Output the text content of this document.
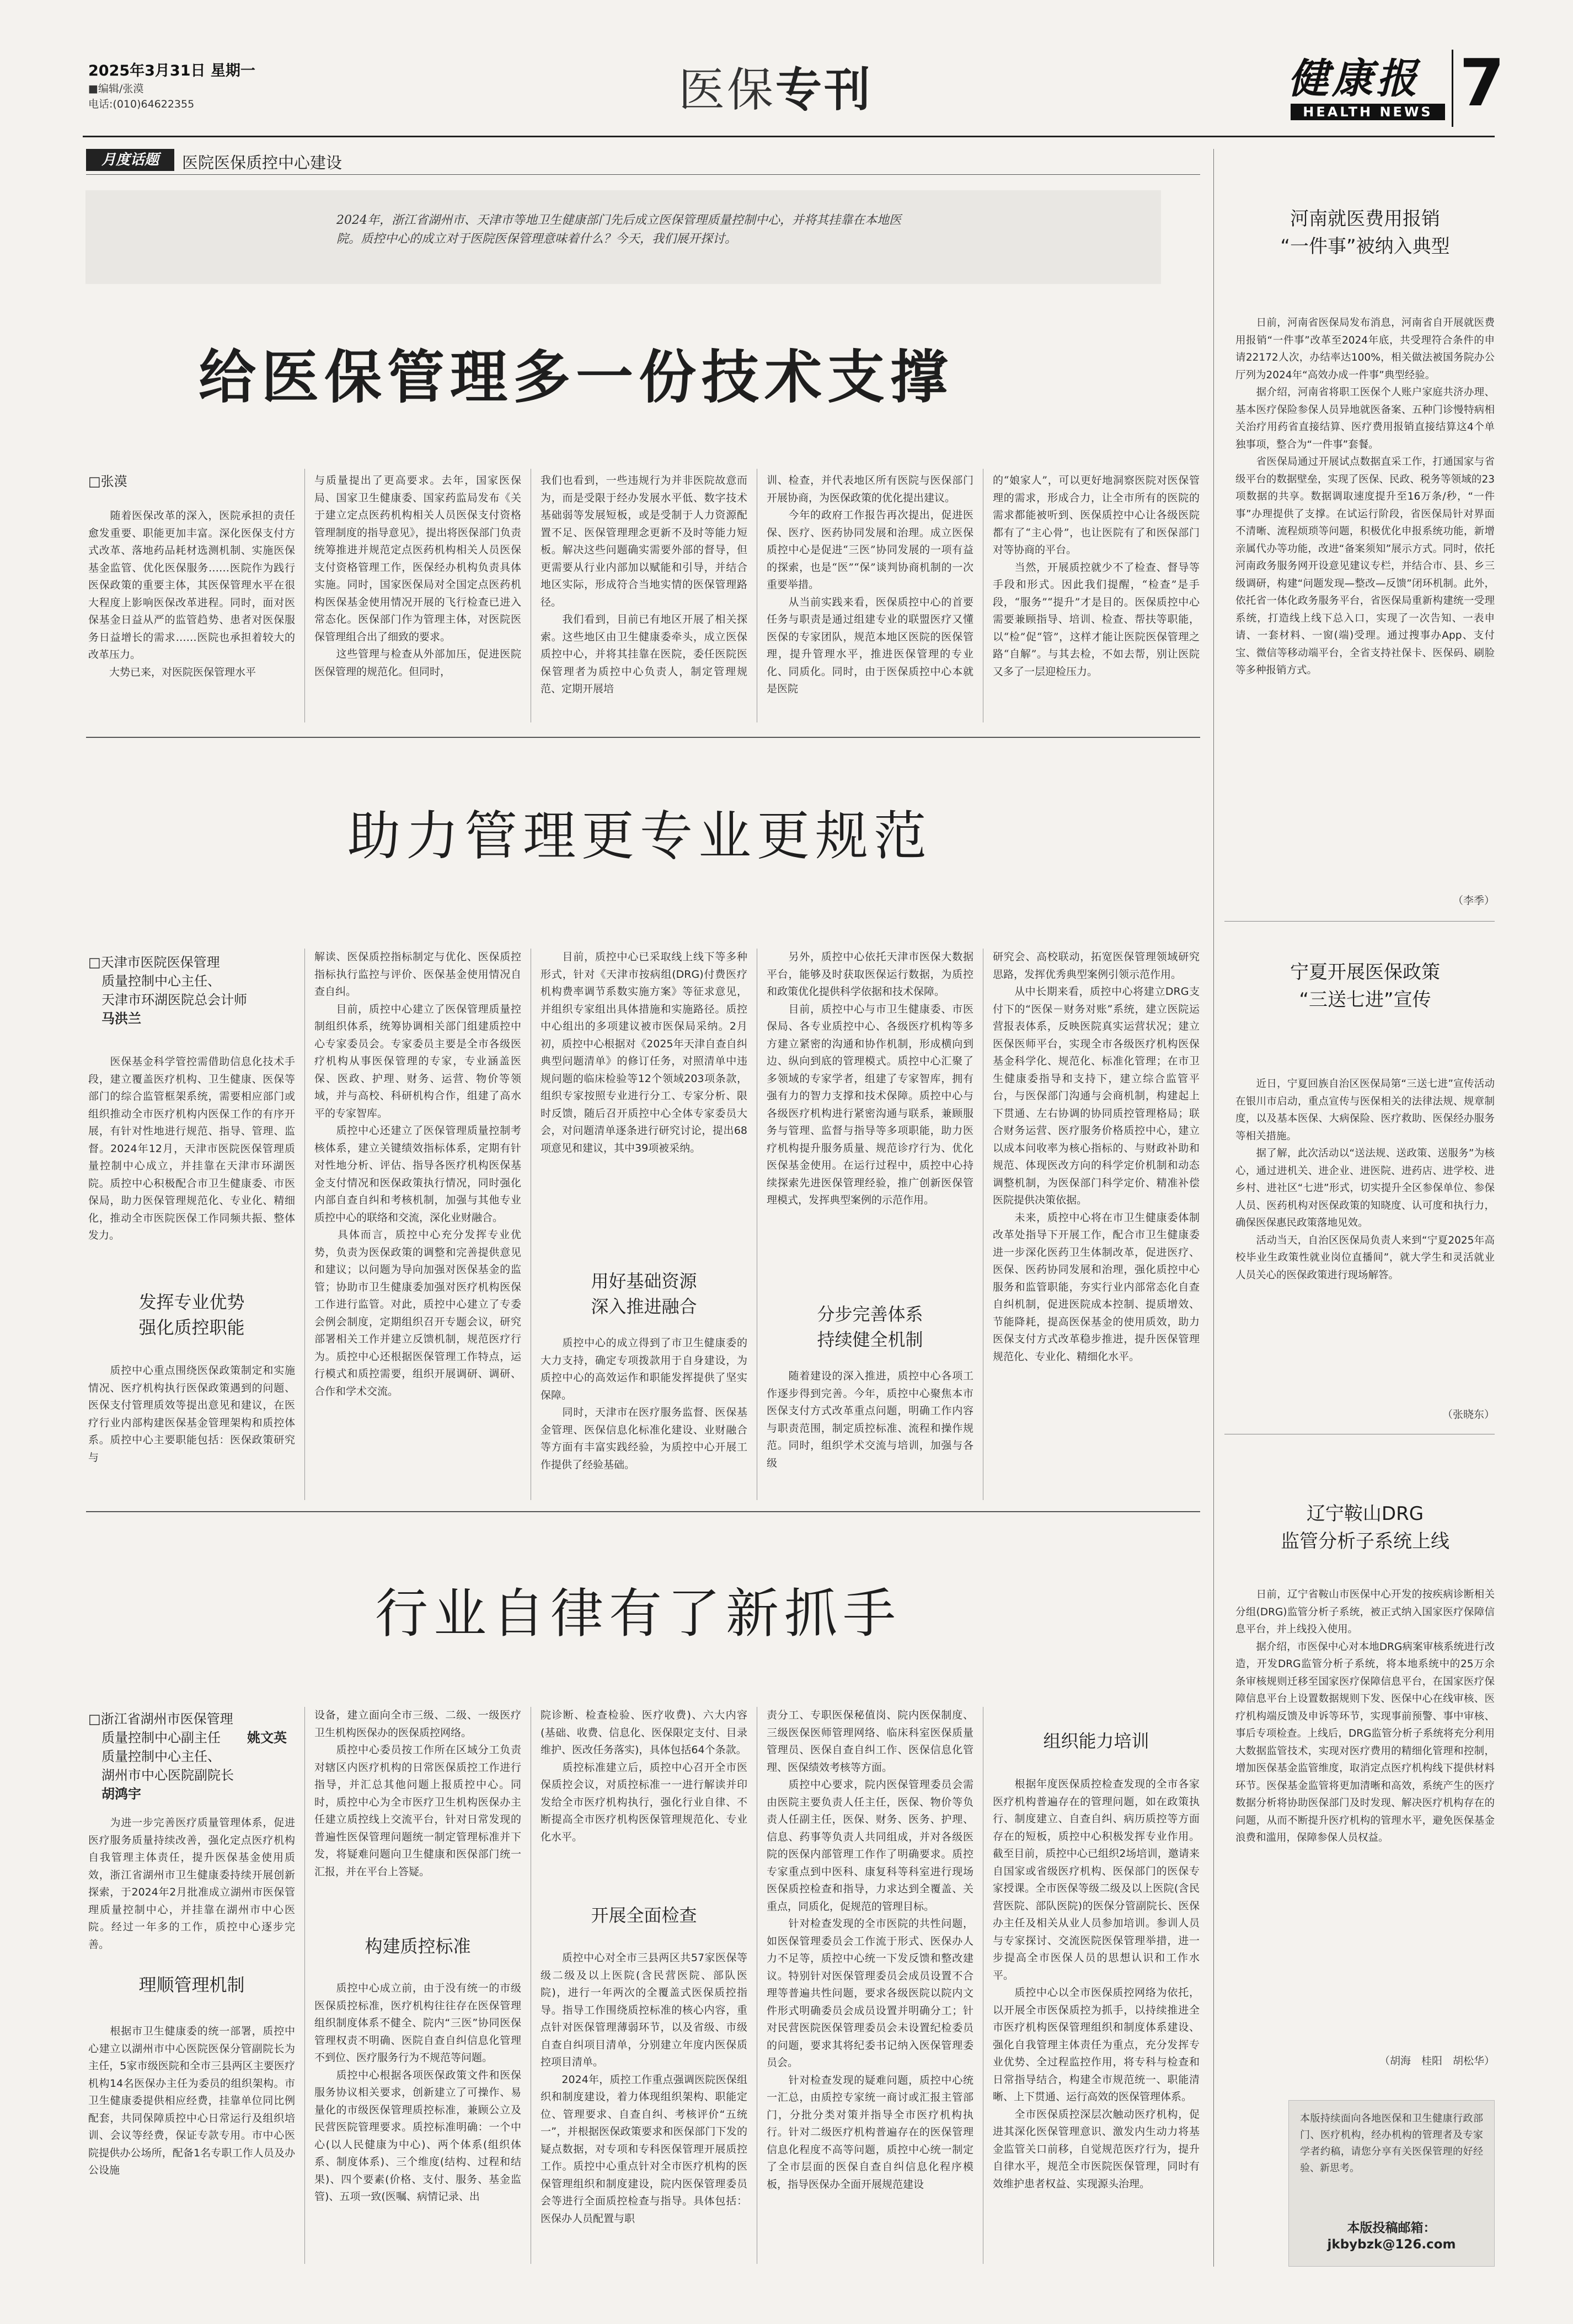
2025年3月31日 星期一
■编辑/张漠
电话:(010)64622355	医保专刊	健康报
HEALTH NEWS 7
月度话题	医院医保质控中心建设
2024年，浙江省湖州市、天津市等地卫生健康部门先后成立医保管理质量控制中心，并将其挂靠在本地医院。质控中心的成立对于医院医保管理意味着什么？今天，我们展开探讨。
给医保管理多一份技术支撑
□张漠
　　随着医保改革的深入，医院承担的责任愈发重要、职能更加丰富。深化医保支付方式改革、落地药品耗材选测机制、实施医保基金监管、优化医保服务……医院作为践行医保政策的重要主体，其医保管理水平在很大程度上影响医保改革进程。同时，面对医保基金日益从严的监管趋势、患者对医保服务日益增长的需求……医院也承担着较大的改革压力。
　　大势已来，对医院医保管理水平
与质量提出了更高要求。去年，国家医保局、国家卫生健康委、国家药监局发布《关于建立定点医药机构相关人员医保支付资格管理制度的指导意见》，提出将医保部门负责统筹推进并规范定点医药机构相关人员医保支付资格管理工作，医保经办机构负责具体实施。同时，国家医保局对全国定点医药机构医保基金使用情况开展的飞行检查已进入常态化。医保部门作为管理主体，对医院医保管理组合出了细致的要求。
　　这些管理与检查从外部加压，促进医院医保管理的规范化。但同时，
我们也看到，一些违规行为并非医院故意而为，而是受限于经办发展水平低、数字技术基础弱等发展短板，或是受制于人力资源配置不足、医保管理理念更新不及时等能力短板。解决这些问题确实需要外部的督导，但更需要从行业内部加以赋能和引导，并结合地区实际，形成符合当地实情的医保管理路径。
　　我们看到，目前已有地区开展了相关探索。这些地区由卫生健康委牵头，成立医保质控中心，并将其挂靠在医院，委任医院医保管理者为质控中心负责人，制定管理规范、定期开展培
训、检查，并代表地区所有医院与医保部门开展协商，为医保政策的优化提出建议。
　　今年的政府工作报告再次提出，促进医保、医疗、医药协同发展和治理。成立医保质控中心是促进“三医”协同发展的一项有益的探索，也是“医”“保”谈判协商机制的一次重要举措。
　　从当前实践来看，医保质控中心的首要任务与职责是通过组建专业的联盟医疗又懂医保的专家团队，规范本地区医院的医保管理，提升管理水平，推进医保管理的专业化、同质化。同时，由于医保质控中心本就是医院
的“娘家人”，可以更好地洞察医院对医保管理的需求，形成合力，让全市所有的医院的需求都能被听到、医保质控中心让各级医院都有了“主心骨”，也让医院有了和医保部门对等协商的平台。
　　当然，开展质控就少不了检查、督导等手段和形式。因此我们提醒，“检查”是手段，“服务”“提升”才是目的。医保质控中心需要兼顾指导、培训、检查、帮扶等职能，以“检”促“管”，这样才能让医院医保管理之路“自解”。与其去检，不如去帮，别让医院又多了一层迎检压力。
助力管理更专业更规范
□天津市医院医保管理
　质量控制中心主任、
　天津市环湖医院总会计师
　马洪兰
　　医保基金科学管控需借助信息化技术手段，建立覆盖医疗机构、卫生健康、医保等部门的综合监管框架系统，需要相应部门或组织推动全市医疗机构内医保工作的有序开展，有针对性地进行规范、指导、管理、监督。2024年12月，天津市医院医保管理质量控制中心成立，并挂靠在天津市环湖医院。质控中心积极配合市卫生健康委、市医保局，助力医保管理规范化、专业化、精细化，推动全市医院医保工作同频共振、整体发力。
发挥专业优势
强化质控职能
　　质控中心重点围绕医保政策制定和实施情况、医疗机构执行医保政策遇到的问题、医保支付管理质效等提出意见和建议，在医疗行业内部构建医保基金管理架构和质控体系。质控中心主要职能包括：医保政策研究与
解读、医保质控指标制定与优化、医保质控指标执行监控与评价、医保基金使用情况自查自纠。
　　目前，质控中心建立了医保管理质量控制组织体系，统筹协调相关部门组建质控中心专家委员会。专家委员主要是全市各级医疗机构从事医保管理的专家，专业涵盖医保、医政、护理、财务、运营、物价等领域，并与高校、科研机构合作，组建了高水平的专家智库。
　　质控中心还建立了医保管理质量控制考核体系，建立关键绩效指标体系，定期有针对性地分析、评估、指导各医疗机构医保基金支付情况和医保政策执行情况，同时强化内部自查自纠和考核机制，加强与其他专业质控中心的联络和交流，深化业财融合。
　　具体而言，质控中心充分发挥专业优势，负责为医保政策的调整和完善提供意见和建议；以问题为导向加强对医保基金的监管；协助市卫生健康委加强对医疗机构医保工作进行监管。对此，质控中心建立了专委会例会制度，定期组织召开专题会议，研究部署相关工作并建立反馈机制，规范医疗行为。质控中心还根据医保管理工作特点，运行模式和质控需要，组织开展调研、调研、合作和学术交流。
　　目前，质控中心已采取线上线下等多种形式，针对《天津市按病组(DRG)付费医疗机构费率调节系数实施方案》等征求意见，并组织专家组出具体措施和实施路径。质控中心组出的多项建议被市医保局采纳。2月初，质控中心根据对《2025年天津自查自纠典型问题清单》的修订任务，对照清单中违规问题的临床检验等12个领域203项条款，组织专家按照专业进行分工、专家分析、限时反馈，随后召开质控中心全体专家委员大会，对问题清单逐条进行研究讨论，提出68项意见和建议，其中39项被采纳。
用好基础资源
深入推进融合
　　质控中心的成立得到了市卫生健康委的大力支持，确定专项拨款用于自身建设，为质控中心的高效运作和职能发挥提供了坚实保障。
　　同时，天津市在医疗服务监督、医保基金管理、医保信息化标准化建设、业财融合等方面有丰富实践经验，为质控中心开展工作提供了经验基础。
　　另外，质控中心依托天津市医保大数据平台，能够及时获取医保运行数据，为质控和政策优化提供科学依据和技术保障。
　　目前，质控中心与市卫生健康委、市医保局、各专业质控中心、各级医疗机构等多方建立紧密的沟通和协作机制，形成横向到边、纵向到底的管理模式。质控中心汇聚了多领域的专家学者，组建了专家智库，拥有强有力的智力支撑和技术保障。质控中心与各级医疗机构进行紧密沟通与联系，兼顾服务与管理、监督与指导等多项职能，助力医疗机构提升服务质量、规范诊疗行为、优化医保基金使用。在运行过程中，质控中心持续探索先进医保管理经验，推广创新医保管理模式，发挥典型案例的示范作用。
分步完善体系
持续健全机制
　　随着建设的深入推进，质控中心各项工作逐步得到完善。今年，质控中心聚焦本市医保支付方式改革重点问题，明确工作内容与职责范围，制定质控标准、流程和操作规范。同时，组织学术交流与培训，加强与各级
研究会、高校联动，拓宽医保管理领域研究思路，发挥优秀典型案例引领示范作用。
　　从中长期来看，质控中心将建立DRG支付下的“医保－财务对账”系统，建立医院运营报表体系，反映医院真实运营状况；建立医保医师平台，实现全市各级医疗机构医保基金科学化、规范化、标准化管理；在市卫生健康委指导和支持下，建立综合监管平台，与医保部门沟通与会商机制，构建起上下贯通、左右协调的协同质控管理格局；联合财务运营、医疗服务价格质控中心，建立以成本问收率为核心指标的、与财政补助和规范、体现医改方向的科学定价机制和动态调整机制，为医保部门科学定价、精准补偿医院提供决策依据。
　　未来，质控中心将在市卫生健康委体制改革处指导下开展工作，配合市卫生健康委进一步深化医药卫生体制改革，促进医疗、医保、医药协同发展和治理，强化质控中心服务和监管职能，夯实行业内部常态化自查自纠机制，促进医院成本控制、提质增效、节能降耗，提高医保基金的使用质效，助力医保支付方式改革稳步推进，提升医保管理规范化、专业化、精细化水平。
行业自律有了新抓手
□浙江省湖州市医保管理
　质量控制中心副主任
　质量控制中心主任、
　湖州市中心医院副院长
　胡鸿宇
姚文英
　　为进一步完善医疗质量管理体系，促进医疗服务质量持续改善，强化定点医疗机构自我管理主体责任，提升医保基金使用质效，浙江省湖州市卫生健康委持续开展创新探索，于2024年2月批准成立湖州市医保管理质量控制中心，并挂靠在湖州市中心医院。经过一年多的工作，质控中心逐步完善。
理顺管理机制
　　根据市卫生健康委的统一部署，质控中心建立以湖州市中心医院医保分管副院长为主任，5家市级医院和全市三县两区主要医疗机构14名医保办主任为委员的组织架构。市卫生健康委提供相应经费，挂靠单位同比例配套，共同保障质控中心日常运行及组织培训、会议等经费，保证专款专用。市中心医院提供办公场所，配备1名专职工作人员及办公设施
设备，建立面向全市三级、二级、一级医疗卫生机构医保办的医保质控网络。
　　质控中心委员按工作所在区域分工负责对辖区内医疗机构的日常医保质控工作进行指导，并汇总其他问题上报质控中心。同时，质控中心为全市医疗卫生机构医保办主任建立质控线上交流平台，针对日常发现的普遍性医保管理问题统一制定管理标准并下发，将疑难问题向卫生健康和医保部门统一汇报，并在平台上答疑。
构建质控标准
　　质控中心成立前，由于没有统一的市级医保质控标准，医疗机构往往存在医保管理组织制度体系不健全、院内“三医”协同医保管理权责不明确、医院自查自纠信息化管理不到位、医疗服务行为不规范等问题。
　　质控中心根据各项医保政策文件和医保服务协议相关要求，创新建立了可操作、易量化的市级医保管理质控标准，兼顾公立及民营医院管理要求。质控标准明确：一个中心(以人民健康为中心)、两个体系(组织体系、制度体系)、三个维度(结构、过程和结果)、四个要素(价格、支付、服务、基金监管)、五项一致(医嘱、病情记录、出
院诊断、检查检验、医疗收费)、六大内容(基础、收费、信息化、医保限定支付、目录维护、医改任务落实)，具体包括64个条款。
　　质控标准建立后，质控中心召开全市医保质控会议，对质控标准一一进行解读并印发给全市医疗机构执行，强化行业自律、不断提高全市医疗机构医保管理规范化、专业化水平。
开展全面检查
　　质控中心对全市三县两区共57家医保等级二级及以上医院(含民营医院、部队医院)，进行一年两次的全覆盖式医保质控指导。指导工作围绕质控标准的核心内容，重点针对医保管理薄弱环节，以及省级、市级自查自纠项目清单，分别建立年度内医保质控项目清单。
　　2024年，质控工作重点强调医院医保组织和制度建设，着力体现组织架构、职能定位、管理要求、自查自纠、考核评价“五统一”，并根据医保政策要求和医保部门下发的疑点数据，对专项和专科医保管理开展质控工作。质控中心重点针对全市医疗机构的医保管理组织和制度建设，院内医保管理委员会等进行全面质控检查与指导。具体包括：医保办人员配置与职
责分工、专职医保秘值岗、院内医保制度、三级医保医师管理网络、临床科室医保质量管理员、医保自查自纠工作、医保信息化管理、医保绩效考核等方面。
　　质控中心要求，院内医保管理委员会需由医院主要负责人任主任，医保、物价等负责人任副主任，医保、财务、医务、护理、信息、药事等负责人共同组成，并对各级医院的医保内部管理工作作了明确要求。质控专家重点到中医科、康复科等科室进行现场医保质控检查和指导，力求达到全覆盖、关重点，同质化，促规范的管理目标。
　　针对检查发现的全市医院的共性问题，如医保管理委员会工作流于形式、医保办人力不足等，质控中心统一下发反馈和整改建议。特别针对医保管理委员会成员设置不合理等普遍共性问题，要求各级医院以院内文件形式明确委员会成员设置并明确分工；针对民营医院医保管理委员会未设置纪检委员的问题，要求其将纪委书记纳入医保管理委员会。
　　针对检查发现的疑难问题，质控中心统一汇总，由质控专家统一商讨或汇报主管部门，分批分类对策并指导全市医疗机构执行。针对二级医疗机构普遍存在的医保管理信息化程度不高等问题，质控中心统一制定了全市层面的医保自查自纠信息化程序模板，指导医保办全面开展规范建设
组织能力培训
　　根据年度医保质控检查发现的全市各家医疗机构普遍存在的管理问题，如在政策执行、制度建立、自查自纠、病历质控等方面存在的短板，质控中心积极发挥专业作用。截至目前，质控中心已组织2场培训，邀请来自国家或省级医疗机构、医保部门的医保专家授课。全市医保等级二级及以上医院(含民营医院、部队医院)的医保分管副院长、医保办主任及相关从业人员参加培训。参训人员与专家探讨、交流医院医保管理举措，进一步提高全市医保人员的思想认识和工作水平。
　　质控中心以全市医保质控网络为依托，以开展全市医保质控为抓手，以持续推进全市医疗机构医保管理组织和制度体系建设、强化自我管理主体责任为重点，充分发挥专业优势、全过程监控作用，将专科与检查和日常指导结合，构建全市规范统一、职能清晰、上下贯通、运行高效的医保管理体系。
　　全市医保质控深层次触动医疗机构，促进其深化医保管理意识、激发内生动力将基金监管关口前移，自觉规范医疗行为，提升自律水平，规范全市医院医保管理，同时有效维护患者权益、实现源头治理。
河南就医费用报销
“一件事”被纳入典型
　　日前，河南省医保局发布消息，河南省自开展就医费用报销“一件事”改革至2024年底，共受理符合条件的申请22172人次，办结率达100%，相关做法被国务院办公厅列为2024年“高效办成一件事”典型经验。
　　据介绍，河南省将职工医保个人账户家庭共济办理、基本医疗保险参保人员异地就医备案、五种门诊慢特病相关治疗用药省直接结算、医疗费用报销直接结算这4个单独事项，整合为“一件事”套餐。
　　省医保局通过开展试点数据直采工作，打通国家与省级平台的数据壁垒，实现了医保、民政、税务等领域的23项数据的共享。数据调取速度提升至16万条/秒，“一件事”办理提供了支撑。在试运行阶段，省医保局针对界面不清晰、流程烦琐等问题，积极优化申报系统功能，新增亲属代办等功能，改进“备案须知”展示方式。同时，依托河南政务服务网开设意见建议专栏，并结合市、县、乡三级调研，构建“问题发现—整改—反馈”闭环机制。此外，依托省一体化政务服务平台，省医保局重新构建统一受理系统，打造线上线下总入口，实现了一次告知、一表申请、一套材料、一窗(端)受理。通过搜事办App、支付宝、微信等移动端平台，全省支持社保卡、医保码、刷脸等多种报销方式。
（李季）
宁夏开展医保政策
“三送七进”宣传
　　近日，宁夏回族自治区医保局第“三送七进”宣传活动在银川市启动，重点宣传与医保相关的法律法规、规章制度，以及基本医保、大病保险、医疗救助、医保经办服务等相关措施。
　　据了解，此次活动以“送法规、送政策、送服务”为核心，通过进机关、进企业、进医院、进药店、进学校、进乡村、进社区“七进”形式，切实提升全区参保单位、参保人员、医药机构对医保政策的知晓度、认可度和执行力，确保医保惠民政策落地见效。
　　活动当天，自治区医保局负责人来到“宁夏2025年高校毕业生政策性就业岗位直播间”，就大学生和灵活就业人员关心的医保政策进行现场解答。
（张晓东）
辽宁鞍山DRG
监管分析子系统上线
　　日前，辽宁省鞍山市医保中心开发的按疾病诊断相关分组(DRG)监管分析子系统，被正式纳入国家医疗保障信息平台，并上线投入使用。
　　据介绍，市医保中心对本地DRG病案审核系统进行改造，开发DRG监管分析子系统，将本地系统中的25万余条审核规则迁移至国家医疗保障信息平台，在国家医疗保障信息平台上设置数据规则下发、医保中心在线审核、医疗机构端反馈及申诉等环节，实现事前预警、事中审核、事后专项检查。上线后，DRG监管分析子系统将充分利用大数据监管技术，实现对医疗费用的精细化管理和控制，增加医保基金监管维度，取消定点医疗机构线下提供材料环节。医保基金监管将更加清晰和高效，系统产生的医疗数据分析将协助医保部门及时发现、解决医疗机构存在的问题，从而不断提升医疗机构的管理水平，避免医保基金浪费和滥用，保障参保人员权益。
（胡海　桂阳　胡松华）
本版持续面向各地医保和卫生健康行政部门、医疗机构，经办机构的管理者及专家学者约稿，请您分享有关医保管理的好经验、新思考。
本版投稿邮箱：
jkbybzk@126.com
